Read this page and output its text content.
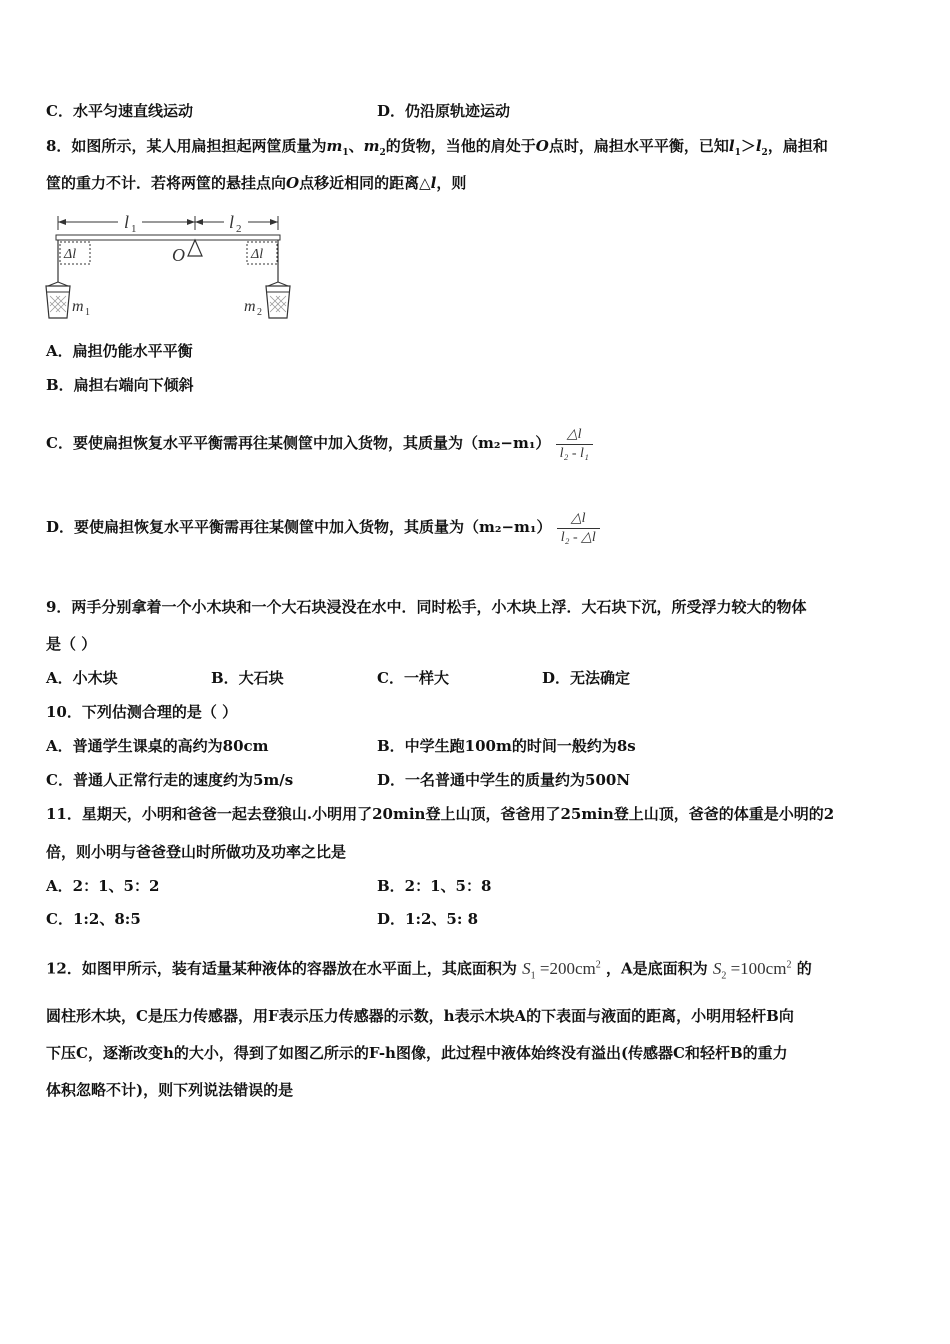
C．水平匀速直线运动	D．仍沿原轨迹运动
8．如图所示，某人用扁担担起两筐质量为$m_1$、$m_2$的货物，当他的肩处于O点时，扁担水平平衡，已知$l_1>l_2$，扁担和
筐的重力不计．若将两筐的悬挂点向O点移近相同的距离△l，则
l 1	l 2
O
Δl	Δl
m 1	m 2
A．扁担仍能水平平衡
B．扁担右端向下倾斜
C．要使扁担恢复水平平衡需再往某侧筐中加入货物，其质量为$(m_2-m_1) \frac{\triangle l}{\text{l₂ - l₁}}$
D．要使扁担恢复水平平衡需再往某侧筐中加入货物，其质量为$(m_2-m_1) \frac{\triangle l}{\text{l₂ - △l}}$
9．两手分别拿着一个小木块和一个大石块浸没在水中．同时松手，小木块上浮．大石块下沉，所受浮力较大的物体
是（ ）
A．小木块	B．大石块	C．一样大	D．无法确定
10．下列估测合理的是（ ）
A．普通学生课桌的高约为80cm	B．中学生跑100m的时间一般约为8s
C．普通人正常行走的速度约为5m/s	D．一名普通中学生的质量约为500N
11．星期天，小明和爸爸一起去登狼山.小明用了20min登上山顶，爸爸用了25min登上山顶，爸爸的体重是小明的2
倍，则小明与爸爸登山时所做功及功率之比是
A．2：1、5：2	B．2：1、5：8
C．1:2、8:5	D．1:2、5: 8
12．如图甲所示，装有适量某种液体的容器放在水平面上，其底面积为 $S_1 =200cm^2$ ，A是底面积为 $S_2 =100cm^2$ 的
圆柱形木块，C是压力传感器，用F表示压力传感器的示数，h表示木块A的下表面与液面的距离，小明用轻杆B向
下压C，逐渐改变h的大小，得到了如图乙所示的F-h图像，此过程中液体始终没有溢出(传感器C和轻杆B的重力
体积忽略不计)，则下列说法错误的是
